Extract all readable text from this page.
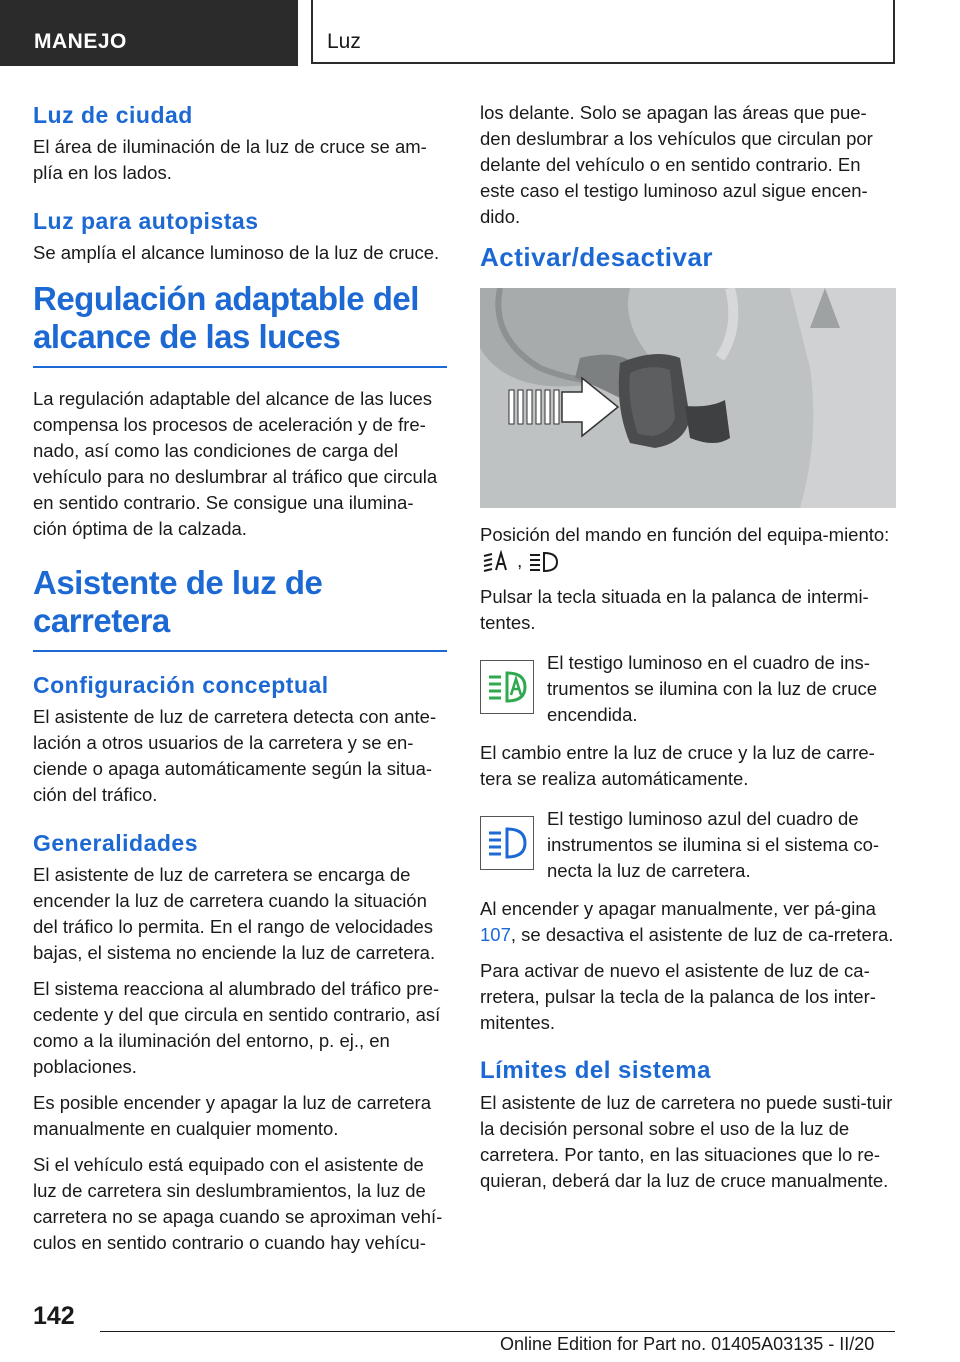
MANEJO	Luz
Luz de ciudad

El área de iluminación de la luz de cruce se am-plía en los lados.

Luz para autopistas

Se amplía el alcance luminoso de la luz de cruce.

Regulación adaptable del alcance de las luces

La regulación adaptable del alcance de las luces compensa los procesos de aceleración y de fre-nado, así como las condiciones de carga del vehículo para no deslumbrar al tráfico que circula en sentido contrario. Se consigue una ilumina-ción óptima de la calzada.

Asistente de luz de carretera
Configuración conceptual

El asistente de luz de carretera detecta con ante-lación a otros usuarios de la carretera y se en-ciende o apaga automáticamente según la situa-ción del tráfico.

Generalidades

El asistente de luz de carretera se encarga de encender la luz de carretera cuando la situación del tráfico lo permita. En el rango de velocidades bajas, el sistema no enciende la luz de carretera.

El sistema reacciona al alumbrado del tráfico pre-cedente y del que circula en sentido contrario, así como a la iluminación del entorno, p. ej., en poblaciones.

Es posible encender y apagar la luz de carretera manualmente en cualquier momento.

Si el vehículo está equipado con el asistente de luz de carretera sin deslumbramientos, la luz de carretera no se apaga cuando se aproximan vehí-culos en sentido contrario o cuando hay vehícu-

los delante. Solo se apagan las áreas que pue-den deslumbrar a los vehículos que circulan por delante del vehículo o en sentido contrario. En este caso el testigo luminoso azul sigue encen-dido.

Activar/desactivar

Posición del mando en función del equipa-miento:  ,

Pulsar la tecla situada en la palanca de intermi-tentes.

El testigo luminoso en el cuadro de ins-trumentos se ilumina con la luz de cruce encendida.

El cambio entre la luz de cruce y la luz de carre-tera se realiza automáticamente.

El testigo luminoso azul del cuadro de instrumentos se ilumina si el sistema co-necta la luz de carretera.

Al encender y apagar manualmente, ver pá-gina 107, se desactiva el asistente de luz de ca-rretera.

Para activar de nuevo el asistente de luz de ca-rretera, pulsar la tecla de la palanca de los inter-mitentes.

Límites del sistema

El asistente de luz de carretera no puede susti-tuir la decisión personal sobre el uso de la luz de carretera. Por tanto, en las situaciones que lo re-quieran, deberá dar la luz de cruce manualmente.

142
Online Edition for Part no. 01405A03135 - II/20
